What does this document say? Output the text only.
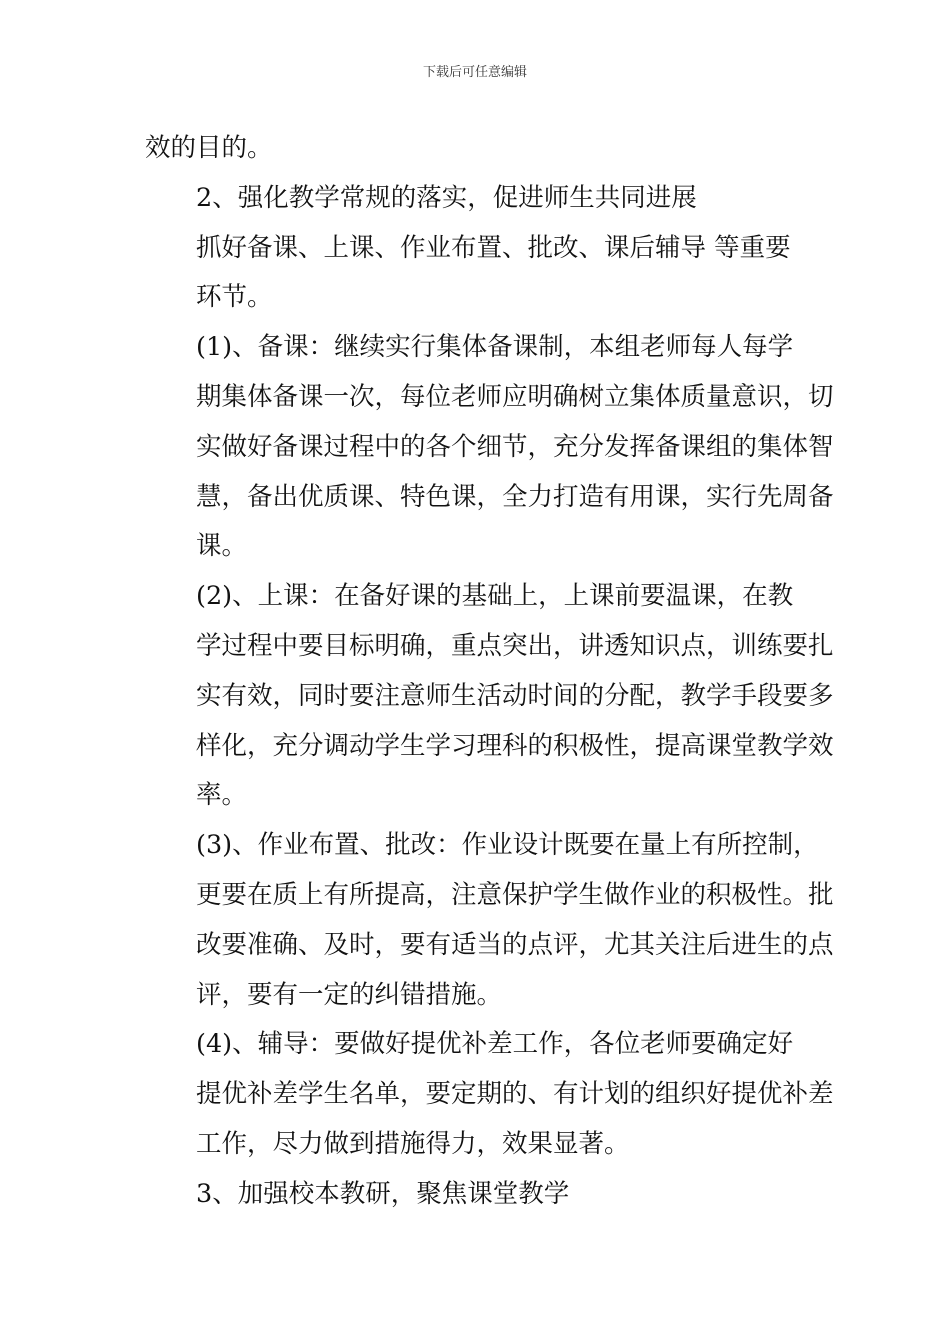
下载后可任意编辑

效的目的。

2、强化教学常规的落实，促进师生共同进展

抓好备课、上课、作业布置、批改、课后辅导 等重要
环节。

(1)、备课：继续实行集体备课制，本组老师每人每学
期集体备课一次，每位老师应明确树立集体质量意识，切
实做好备课过程中的各个细节，充分发挥备课组的集体智
慧，备出优质课、特色课，全力打造有用课，实行先周备
课。

(2)、上课：在备好课的基础上，上课前要温课，在教
学过程中要目标明确，重点突出，讲透知识点，训练要扎
实有效，同时要注意师生活动时间的分配，教学手段要多
样化，充分调动学生学习理科的积极性，提高课堂教学效
率。

(3)、作业布置、批改：作业设计既要在量上有所控制，
更要在质上有所提高，注意保护学生做作业的积极性。批
改要准确、及时，要有适当的点评，尤其关注后进生的点
评，要有一定的纠错措施。

(4)、辅导：要做好提优补差工作，各位老师要确定好
提优补差学生名单，要定期的、有计划的组织好提优补差
工作，尽力做到措施得力，效果显著。

3、加强校本教研，聚焦课堂教学
